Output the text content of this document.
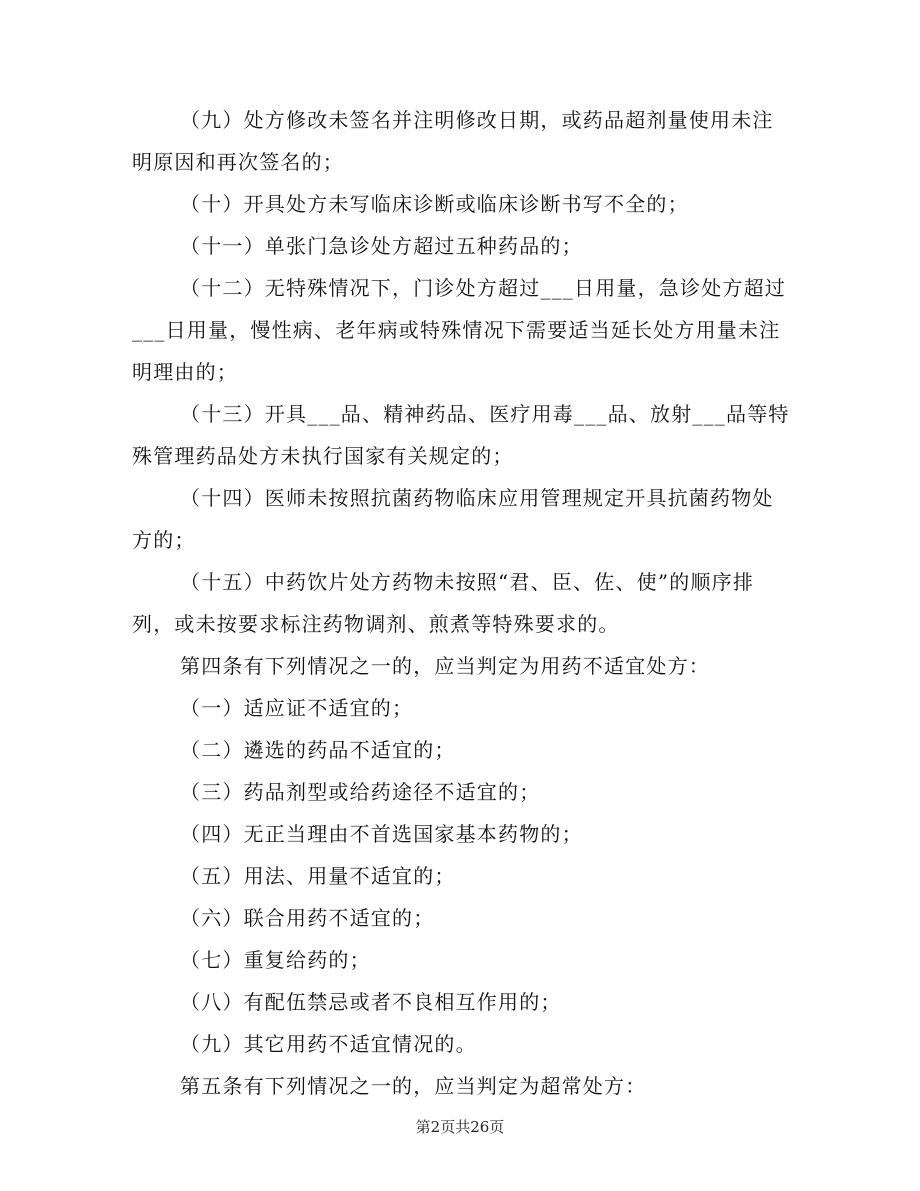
（九）处方修改未签名并注明修改日期，或药品超剂量使用未注

明原因和再次签名的；

（十）开具处方未写临床诊断或临床诊断书写不全的；

（十一）单张门急诊处方超过五种药品的；

（十二）无特殊情况下，门诊处方超过___日用量，急诊处方超过

___日用量，慢性病、老年病或特殊情况下需要适当延长处方用量未注

明理由的；

（十三）开具___品、精神药品、医疗用毒___品、放射___品等特

殊管理药品处方未执行国家有关规定的；

（十四）医师未按照抗菌药物临床应用管理规定开具抗菌药物处

方的；

（十五）中药饮片处方药物未按照“君、臣、佐、使”的顺序排

列，或未按要求标注药物调剂、煎煮等特殊要求的。

第四条有下列情况之一的，应当判定为用药不适宜处方：

（一）适应证不适宜的；

（二）遴选的药品不适宜的；

（三）药品剂型或给药途径不适宜的；

（四）无正当理由不首选国家基本药物的；

（五）用法、用量不适宜的；

（六）联合用药不适宜的；

（七）重复给药的；

（八）有配伍禁忌或者不良相互作用的；

（九）其它用药不适宜情况的。

第五条有下列情况之一的，应当判定为超常处方：

第2页共26页
